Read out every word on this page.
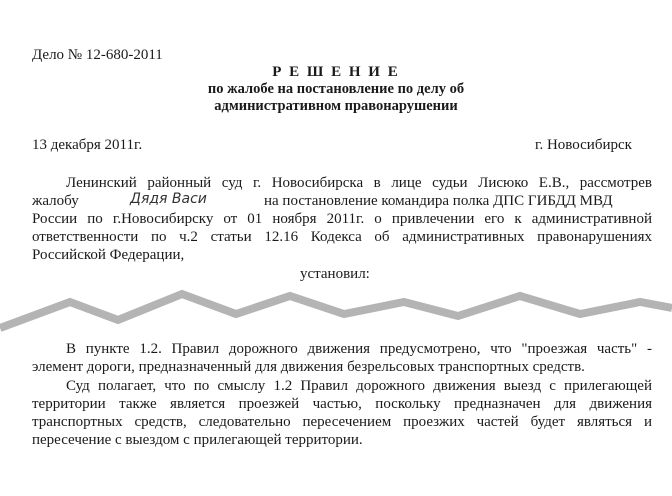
Дело № 12-680-2011
Р Е Ш Е Н И Е
по жалобе на постановление по делу об
административном правонарушении
13 декабря 2011г.	г. Новосибирск
Ленинский районный суд г. Новосибирска в лице судьи Лисюко Е.В., рассмотрев
жалобу	Дядя Васи	на постановление командира полка ДПС ГИБДД МВД
России по г.Новосибирску от 01 ноября 2011г. о привлечении его к административной
ответственности по ч.2 статьи 12.16 Кодекса об административных правонарушениях
Российской Федерации,
установил:
В пункте 1.2. Правил дорожного движения предусмотрено, что "проезжая часть" -
элемент дороги, предназначенный для движения безрельсовых транспортных средств.
Суд полагает, что по смыслу 1.2 Правил дорожного движения выезд с прилегающей
территории также является проезжей частью, поскольку предназначен для движения
транспортных средств, следовательно пересечением проезжих частей будет являться и
пересечение с выездом с прилегающей территории.
